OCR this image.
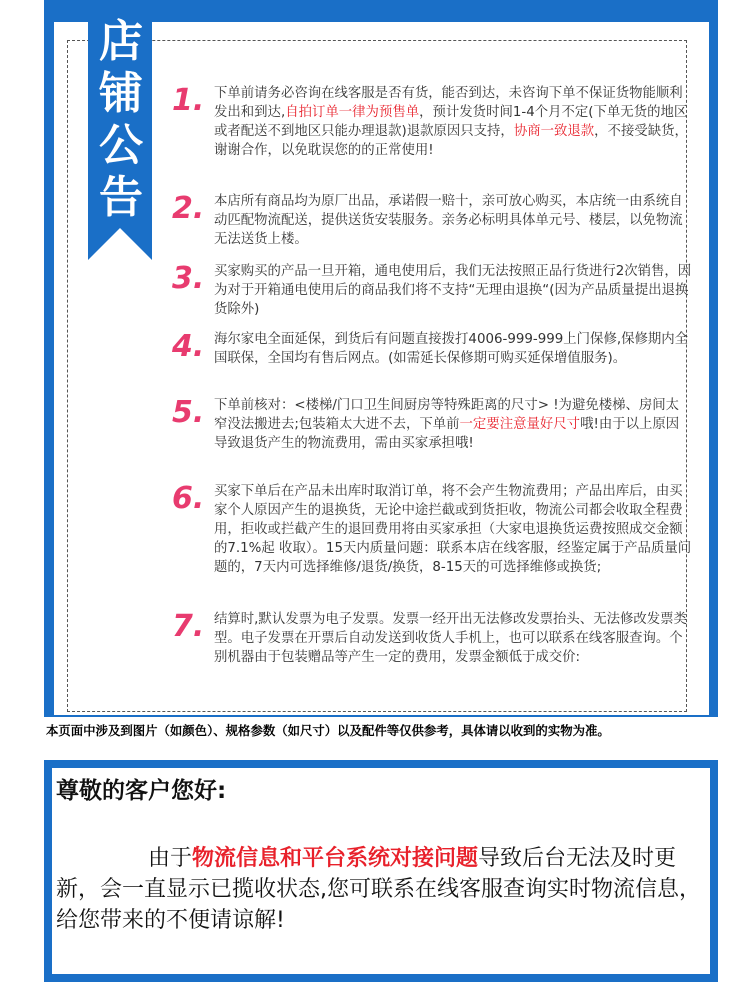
店
铺
公
告
1. 下单前请务必咨询在线客服是否有货，能否到达，未咨询下单不保证货物能顺利发出和到达,自拍订单一律为预售单，预计发货时间1-4个月不定(下单无货的地区或者配送不到地区只能办理退款)退款原因只支持，协商一致退款，不接受缺货，谢谢合作，以免耽误您的的正常使用!
2. 本店所有商品均为原厂出品，承诺假一赔十，亲可放心购买，本店统一由系统自动匹配物流配送，提供送货安装服务。亲务必标明具体单元号、楼层，以免物流无法送货上楼。
3. 买家购买的产品一旦开箱，通电使用后，我们无法按照正品行货进行2次销售，因为对于开箱通电使用后的商品我们将不支持“无理由退换“(因为产品质量提出退换货除外)
4. 海尔家电全面延保，到货后有问题直接拨打4006-999-999上门保修,保修期内全国联保，全国均有售后网点。(如需延长保修期可购买延保增值服务)。
5. 下单前核对：<楼梯/门口卫生间厨房等特殊距离的尺寸> !为避免楼梯、房间太窄没法搬进去;包装箱太大进不去，下单前一定要注意量好尺寸哦!由于以上原因导致退货产生的物流费用，需由买家承担哦!
6. 买家下单后在产品未出库时取消订单，将不会产生物流费用；产品出库后，由买家个人原因产生的退换货，无论中途拦截或到货拒收，物流公司都会收取全程费用，拒收或拦截产生的退回费用将由买家承担（大家电退换货运费按照成交金额的7.1%起 收取）。15天内质量问题：联系本店在线客服，经鉴定属于产品质量问题的，7天内可选择维修/退货/换货，8-15天的可选择维修或换货;
7. 结算时,默认发票为电子发票。发票一经开出无法修改发票抬头、无法修改发票类型。电子发票在开票后自动发送到收货人手机上，也可以联系在线客服查询。个别机器由于包装赠品等产生一定的费用，发票金额低于成交价:
本页面中涉及到图片（如颜色）、规格参数（如尺寸）以及配件等仅供参考，具体请以收到的实物为准。
尊敬的客户您好:
由于物流信息和平台系统对接问题导致后台无法及时更新，会一直显示已揽收状态,您可联系在线客服查询实时物流信息，给您带来的不便请谅解!
